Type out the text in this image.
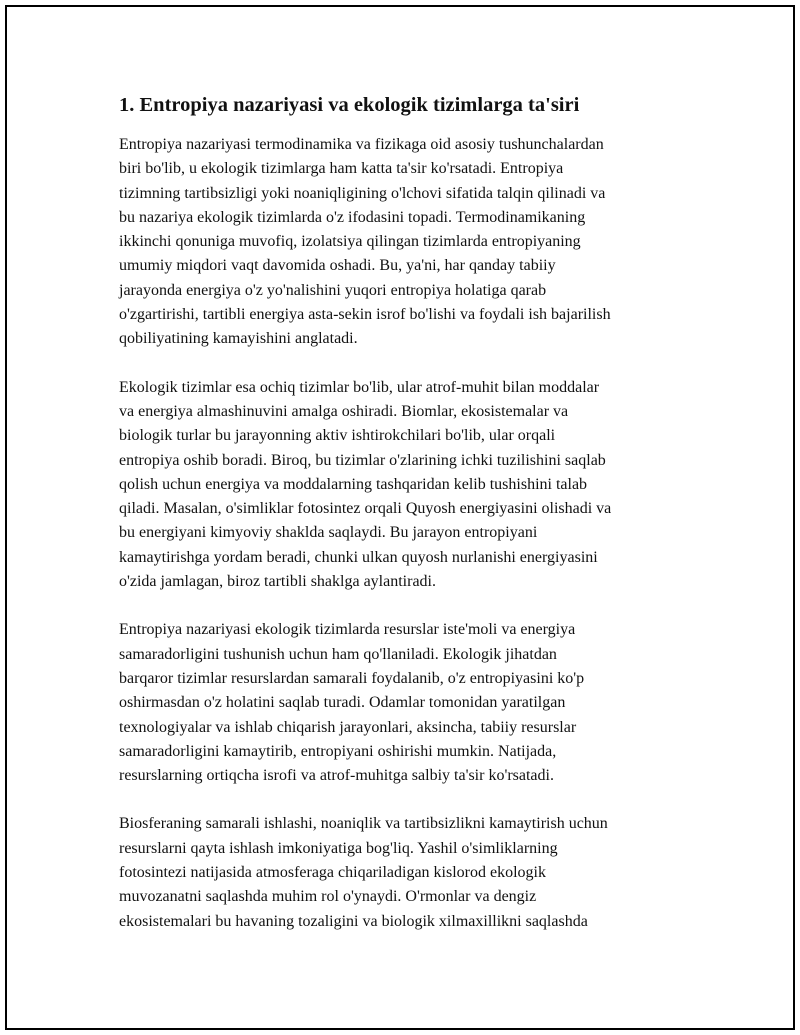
1. Entropiya nazariyasi va ekologik tizimlarga ta'siri

Entropiya nazariyasi termodinamika va fizikaga oid asosiy tushunchalardan
biri bo'lib, u ekologik tizimlarga ham katta ta'sir ko'rsatadi. Entropiya
tizimning tartibsizligi yoki noaniqligining o'lchovi sifatida talqin qilinadi va
bu nazariya ekologik tizimlarda o'z ifodasini topadi. Termodinamikaning
ikkinchi qonuniga muvofiq, izolatsiya qilingan tizimlarda entropiyaning
umumiy miqdori vaqt davomida oshadi. Bu, ya'ni, har qanday tabiiy
jarayonda energiya o'z yo'nalishini yuqori entropiya holatiga qarab
o'zgartirishi, tartibli energiya asta-sekin isrof bo'lishi va foydali ish bajarilish
qobiliyatining kamayishini anglatadi.

Ekologik tizimlar esa ochiq tizimlar bo'lib, ular atrof-muhit bilan moddalar
va energiya almashinuvini amalga oshiradi. Biomlar, ekosistemalar va
biologik turlar bu jarayonning aktiv ishtirokchilari bo'lib, ular orqali
entropiya oshib boradi. Biroq, bu tizimlar o'zlarining ichki tuzilishini saqlab
qolish uchun energiya va moddalarning tashqaridan kelib tushishini talab
qiladi. Masalan, o'simliklar fotosintez orqali Quyosh energiyasini olishadi va
bu energiyani kimyoviy shaklda saqlaydi. Bu jarayon entropiyani
kamaytirishga yordam beradi, chunki ulkan quyosh nurlanishi energiyasini
o'zida jamlagan, biroz tartibli shaklga aylantiradi.

Entropiya nazariyasi ekologik tizimlarda resurslar iste'moli va energiya
samaradorligini tushunish uchun ham qo'llaniladi. Ekologik jihatdan
barqaror tizimlar resurslardan samarali foydalanib, o'z entropiyasini ko'p
oshirmasdan o'z holatini saqlab turadi. Odamlar tomonidan yaratilgan
texnologiyalar va ishlab chiqarish jarayonlari, aksincha, tabiiy resurslar
samaradorligini kamaytirib, entropiyani oshirishi mumkin. Natijada,
resurslarning ortiqcha isrofi va atrof-muhitga salbiy ta'sir ko'rsatadi.

Biosferaning samarali ishlashi, noaniqlik va tartibsizlikni kamaytirish uchun
resurslarni qayta ishlash imkoniyatiga bog'liq. Yashil o'simliklarning
fotosintezi natijasida atmosferaga chiqariladigan kislorod ekologik
muvozanatni saqlashda muhim rol o'ynaydi. O'rmonlar va dengiz
ekosistemalari bu havaning tozaligini va biologik xilmaxillikni saqlashda
